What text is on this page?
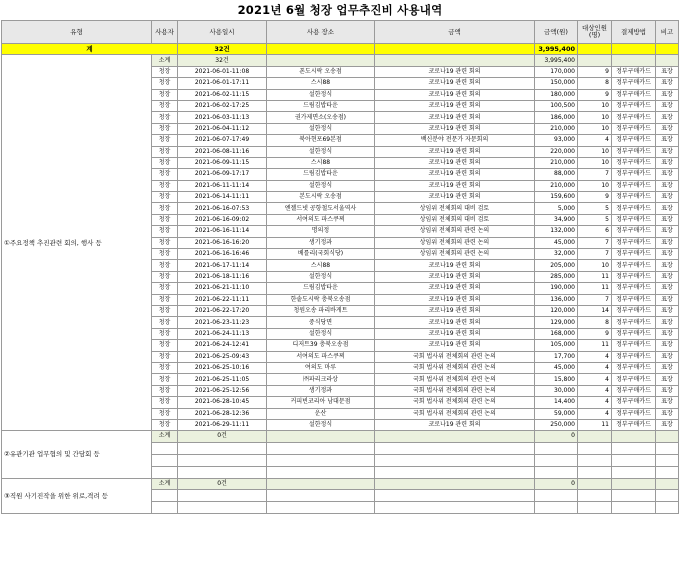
2021년 6월 청장 업무추진비 사용내역
유형	사용자	사용일시	사용 장소	금액	금액(원)	대상인원(명)	결제방법	비고
계		32건			3,995,400			
①주요정책 추진관련 회의, 행사 등	소계	32건			3,995,400			
	청장	2021-06-01-11:08	폰도시락 오송점	코로나19 관련 회의	170,000	9	정부구매카드	표장
	청장	2021-06-01-17:11	스시88	코로나19 관련 회의	150,000	8	정부구매카드	표장
	청장	2021-06-02-11:15	설한정식	코로나19 관련 회의	180,000	9	정부구매카드	표장
	청장	2021-06-02-17:25	드림김밥타운	코로나19 관련 회의	100,500	10	정부구매카드	표장
	청장	2021-06-03-11:13	권가제면소(오송점)	코로나19 관련 회의	186,000	10	정부구매카드	표장
	청장	2021-06-04-11:12	설한정식	코로나19 관련 회의	210,000	10	정부구매카드	표장
	청장	2021-06-07-17:49	북아현포69본점	백신분야 전문가 자문회의	93,000	4	정부구매카드	표장
	청장	2021-06-08-11:16	설한정식	코로나19 관련 회의	220,000	10	정부구매카드	표장
	청장	2021-06-09-11:15	스시88	코로나19 관련 회의	210,000	10	정부구매카드	표장
	청장	2021-06-09-17:17	드림김밥타운	코로나19 관련 회의	88,000	7	정부구매카드	표장
	청장	2021-06-11-11:14	설한정식	코로나19 관련 회의	210,000	10	정부구매카드	표장
	청장	2021-06-14-11:11	본도시락 오송점	코로나19 관련 회의	159,600	9	정부구매카드	표장
	청장	2021-06-16-07:53	엔젤드넷 공항철도서울역사	상임위 전체회의 대비 검토	5,000	5	정부구매카드	표장
	청장	2021-06-16-09:02	서여의도 파스쿠찌	상임위 전체회의 대비 검토	34,900	5	정부구매카드	표장
	청장	2021-06-16-11:14	명의정	상임위 전체회의 관련 논의	132,000	6	정부구매카드	표장
	청장	2021-06-16-16:20	생기정과	상임위 전체회의 관련 논의	45,000	7	정부구매카드	표장
	청장	2021-06-16-16:46	베를리(국회식당)	상임위 전체회의 관련 논의	32,000	7	정부구매카드	표장
	청장	2021-06-17-11:14	스시88	코로나19 관련 회의	205,000	10	정부구매카드	표장
	청장	2021-06-18-11:16	설한정식	코로나19 관련 회의	285,000	11	정부구매카드	표장
	청장	2021-06-21-11:10	드림김밥타운	코로나19 관련 회의	190,000	11	정부구매카드	표장
	청장	2021-06-22-11:11	한솥도시락 충북오송점	코로나19 관련 회의	136,000	7	정부구매카드	표장
	청장	2021-06-22-17:20	청원오송 파리바게트	코로나19 관련 회의	120,000	14	정부구매카드	표장
	청장	2021-06-23-11:23	중식당면	코로나19 관련 회의	129,000	8	정부구매카드	표장
	청장	2021-06-24-11:13	설한정식	코로나19 관련 회의	168,000	9	정부구매카드	표장
	청장	2021-06-24-12:41	디저트39 충북오송점	코로나19 관련 회의	105,000	11	정부구매카드	표장
	청장	2021-06-25-09:43	서여의도 파스쿠찌	국회 법사위 전체회의 관련 논의	17,700	4	정부구매카드	표장
	청장	2021-06-25-10:16	여의도 마루	국회 법사위 전체회의 관련 논의	45,000	4	정부구매카드	표장
	청장	2021-06-25-11:05	㈜파리크라상	국회 법사위 전체회의 관련 논의	15,800	4	정부구매카드	표장
	청장	2021-06-25-12:56	생기정과	국회 법사위 전체회의 관련 논의	30,000	4	정부구매카드	표장
	청장	2021-06-28-10:45	커피빈코리아 남대문점	국회 법사위 전체회의 관련 논의	14,400	4	정부구매카드	표장
	청장	2021-06-28-12:36	운산	국회 법사위 전체회의 관련 논의	59,000	4	정부구매카드	표장
	청장	2021-06-29-11:11	설한정식	코로나19 관련 회의	250,000	11	정부구매카드	표장
②유관기관 업무협의 및 간담회 등	소계	0건			0			

③직원 사기진작을 위한 위로,격려 등	소계	0건			0			
